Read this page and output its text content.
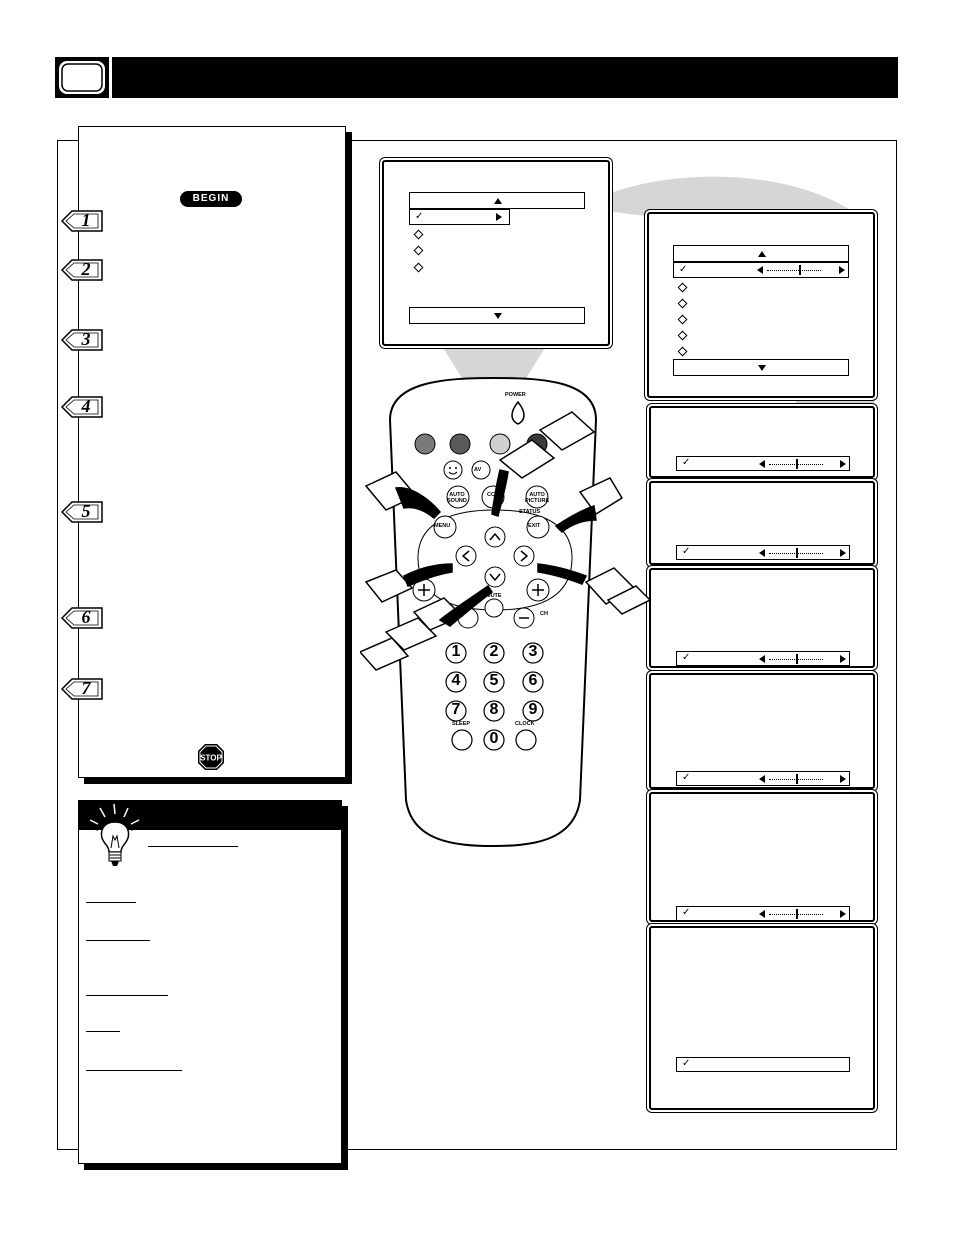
BEGIN
1
2
3
4
5
6
7
STOP
✓
✓
✓
✓
✓
✓
✓
✓
POWER
AV
AUTO
SOUND
CC	AUTO
PICTURE
MENU
STATUS
EXIT
MUTE
CH
SLEEP	CLOCK
1 2 3
4 5 6
7 8 9
0
